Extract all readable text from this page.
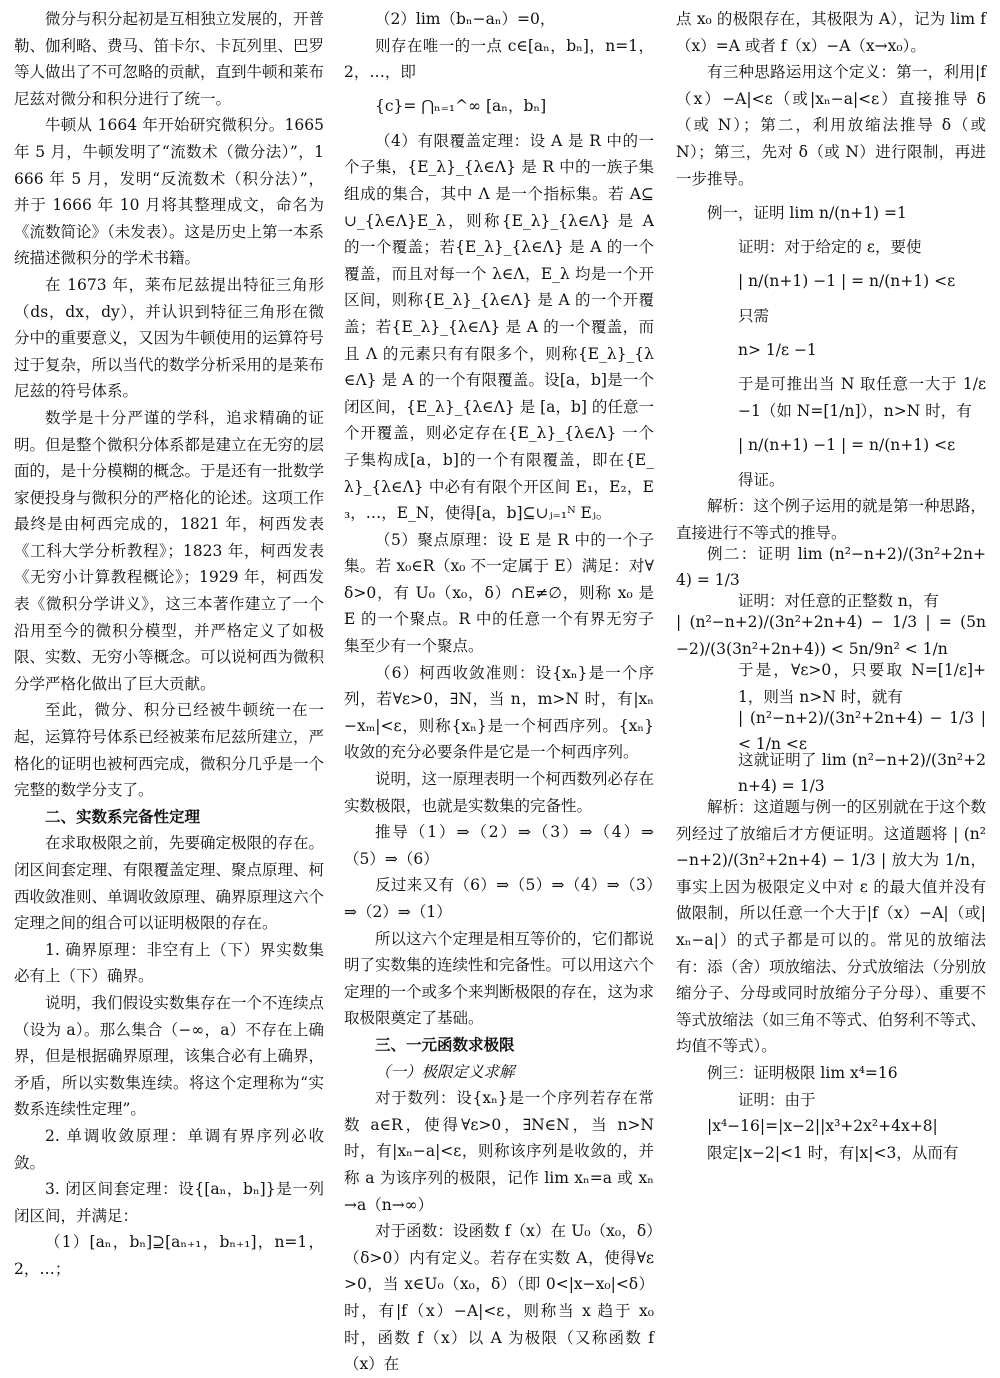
微分与积分起初是互相独立发展的，开普勒、伽利略、费马、笛卡尔、卡瓦列里、巴罗等人做出了不可忽略的贡献，直到牛顿和莱布尼兹对微分和积分进行了统一。

牛顿从 1664 年开始研究微积分。1665 年 5 月，牛顿发明了“流数术（微分法）”，1666 年 5 月，发明“反流数术（积分法）”，并于 1666 年 10 月将其整理成文，命名为《流数简论》（未发表）。这是历史上第一本系统描述微积分的学术书籍。

在 1673 年，莱布尼兹提出特征三角形（ds，dx，dy），并认识到特征三角形在微分中的重要意义，又因为牛顿使用的运算符号过于复杂，所以当代的数学分析采用的是莱布尼兹的符号体系。

数学是十分严谨的学科，追求精确的证明。但是整个微积分体系都是建立在无穷的层面的，是十分模糊的概念。于是还有一批数学家便投身与微积分的严格化的论述。这项工作最终是由柯西完成的，1821 年，柯西发表《工科大学分析教程》；1823 年，柯西发表《无穷小计算教程概论》；1929 年，柯西发表《微积分学讲义》，这三本著作建立了一个沿用至今的微积分模型，并严格定义了如极限、实数、无穷小等概念。可以说柯西为微积分学严格化做出了巨大贡献。

至此，微分、积分已经被牛顿统一在一起，运算符号体系已经被莱布尼兹所建立，严格化的证明也被柯西完成，微积分几乎是一个完整的数学分支了。

二、实数系完备性定理

在求取极限之前，先要确定极限的存在。闭区间套定理、有限覆盖定理、聚点原理、柯西收敛准则、单调收敛原理、确界原理这六个定理之间的组合可以证明极限的存在。

1. 确界原理：非空有上（下）界实数集必有上（下）确界。

说明，我们假设实数集存在一个不连续点（设为 a）。那么集合（−∞，a）不存在上确界，但是根据确界原理，该集合必有上确界，矛盾，所以实数集连续。将这个定理称为“实数系连续性定理”。

2. 单调收敛原理：单调有界序列必收敛。

3. 闭区间套定理：设{[aₙ，bₙ]}是一列闭区间，并满足：

（1）[aₙ，bₙ]⊇[aₙ₊₁，bₙ₊₁]，n=1，2，…；

（2）lim（bₙ−aₙ）=0，

则存在唯一的一点 c∈[aₙ，bₙ]，n=1，2，…，即

{c}= ⋂ₙ₌₁^∞ [aₙ，bₙ]

（4）有限覆盖定理：设 A 是 R 中的一个子集，{E_λ}_{λ∈Λ} 是 R 中的一族子集组成的集合，其中 Λ 是一个指标集。若 A⊆∪_{λ∈Λ}E_λ，则称{E_λ}_{λ∈Λ} 是 A 的一个覆盖；若{E_λ}_{λ∈Λ} 是 A 的一个覆盖，而且对每一个 λ∈Λ，E_λ 均是一个开区间，则称{E_λ}_{λ∈Λ} 是 A 的一个开覆盖；若{E_λ}_{λ∈Λ} 是 A 的一个覆盖，而且 Λ 的元素只有有限多个，则称{E_λ}_{λ∈Λ} 是 A 的一个有限覆盖。设[a，b]是一个闭区间，{E_λ}_{λ∈Λ} 是 [a，b] 的任意一个开覆盖，则必定存在{E_λ}_{λ∈Λ} 一个子集构成[a，b]的一个有限覆盖，即在{E_λ}_{λ∈Λ} 中必有有限个开区间 E₁，E₂，E₃，…，E_N，使得[a，b]⊆∪ⱼ₌₁ᴺ Eⱼ。

（5）聚点原理：设 E 是 R 中的一个子集。若 x₀∈R（x₀ 不一定属于 E）满足：对∀δ>0，有 U₀（x₀，δ）∩E≠∅，则称 x₀ 是 E 的一个聚点。R 中的任意一个有界无穷子集至少有一个聚点。

（6）柯西收敛准则：设{xₙ}是一个序列，若∀ε>0，∃N，当 n，m>N 时，有|xₙ−xₘ|<ε，则称{xₙ}是一个柯西序列。{xₙ}收敛的充分必要条件是它是一个柯西序列。

说明，这一原理表明一个柯西数列必存在实数极限，也就是实数集的完备性。

推导（1）⇒（2）⇒（3）⇒（4）⇒（5）⇒（6）

反过来又有（6）⇒（5）⇒（4）⇒（3）⇒（2）⇒（1）

所以这六个定理是相互等价的，它们都说明了实数集的连续性和完备性。可以用这六个定理的一个或多个来判断极限的存在，这为求取极限奠定了基础。

三、一元函数求极限

（一）极限定义求解

对于数列：设{xₙ}是一个序列若存在常数 a∈R，使得∀ε>0，∃N∈N，当 n>N 时，有|xₙ−a|<ε，则称该序列是收敛的，并称 a 为该序列的极限，记作 lim xₙ=a 或 xₙ→a（n→∞）

对于函数：设函数 f（x）在 U₀（x₀，δ）（δ>0）内有定义。若存在实数 A，使得∀ε>0，当 x∈U₀（x₀，δ）（即 0<|x−x₀|<δ）时，有|f（x）−A|<ε，则称当 x 趋于 x₀ 时，函数 f（x）以 A 为极限（又称函数 f（x）在

点 x₀ 的极限存在，其极限为 A），记为 lim f（x）=A 或者 f（x）−A（x→x₀）。

有三种思路运用这个定义：第一，利用|f（x）−A|<ε（或|xₙ−a|<ε）直接推导 δ（或 N）；第二，利用放缩法推导 δ（或 N）；第三，先对 δ（或 N）进行限制，再进一步推导。

例一，证明 lim n/(n+1) =1

证明：对于给定的 ε，要使

| n/(n+1) −1 | = n/(n+1) <ε

只需

n> 1/ε −1

于是可推出当 N 取任意一大于 1/ε −1（如 N=[1/n]），n>N 时，有

| n/(n+1) −1 | = n/(n+1) <ε

得证。

解析：这个例子运用的就是第一种思路，直接进行不等式的推导。

例二：证明 lim (n²−n+2)/(3n²+2n+4) = 1/3

证明：对任意的正整数 n，有

| (n²−n+2)/(3n²+2n+4) − 1/3 | = (5n−2)/(3(3n²+2n+4)) < 5n/9n² < 1/n

于是，∀ε>0，只要取 N=[1/ε]+1，则当 n>N 时，就有

| (n²−n+2)/(3n²+2n+4) − 1/3 | < 1/n <ε

这就证明了 lim (n²−n+2)/(3n²+2n+4) = 1/3

解析：这道题与例一的区别就在于这个数列经过了放缩后才方便证明。这道题将 | (n²−n+2)/(3n²+2n+4) − 1/3 | 放大为 1/n，事实上因为极限定义中对 ε 的最大值并没有做限制，所以任意一个大于|f（x）−A|（或|xₙ−a|）的式子都是可以的。常见的放缩法有：添（舍）项放缩法、分式放缩法（分别放缩分子、分母或同时放缩分子分母）、重要不等式放缩法（如三角不等式、伯努利不等式、均值不等式）。

例三：证明极限 lim x⁴=16

证明：由于

|x⁴−16|=|x−2||x³+2x²+4x+8|

限定|x−2|<1 时，有|x|<3，从而有
